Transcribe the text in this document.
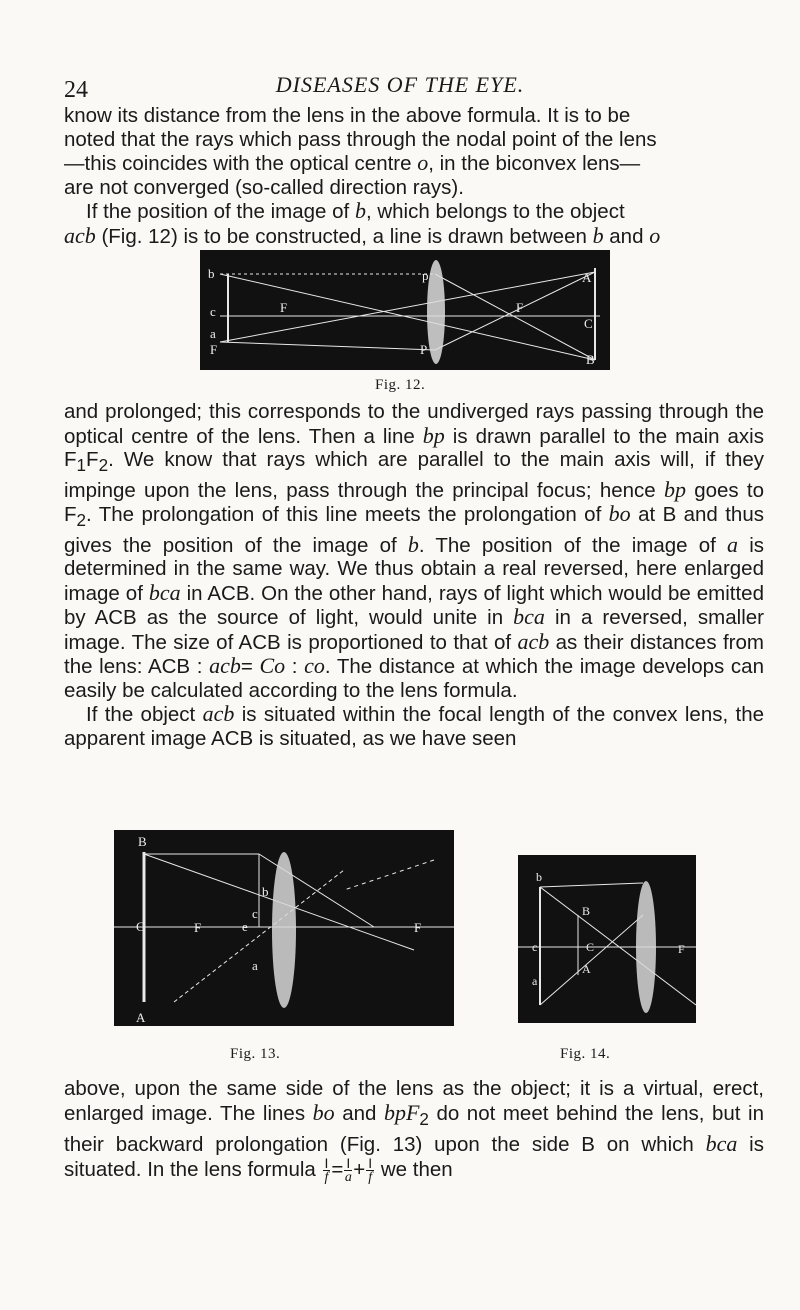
24	DISEASES OF THE EYE.

know its distance from the lens in the above formula. It is to be

noted that the rays which pass through the nodal point of the lens

—this coincides with the optical centre o, in the biconvex lens—

are not converged (so-called direction rays).

If the position of the image of b, which belongs to the object

acb (Fig. 12) is to be constructed, a line is drawn between b and o

b
c
a
F
F
p
P
F
A
C
B
Fig. 12.

and prolonged; this corresponds to the undiverged rays passing through the optical centre of the lens. Then a line bp is drawn parallel to the main axis $F_1F_2$. We know that rays which are parallel to the main axis will, if they impinge upon the lens, pass through the principal focus; hence bp goes to $F_2$. The prolongation of this line meets the prolongation of bo at B and thus gives the position of the image of b. The position of the image of a is determined in the same way. We thus obtain a real reversed, here enlarged image of bca in ACB. On the other hand, rays of light which would be emitted by ACB as the source of light, would unite in bca in a reversed, smaller image. The size of ACB is proportioned to that of acb as their distances from the lens: ACB : acb= Co : co. The distance at which the image develops can easily be calculated according to the lens formula.

If the object acb is situated within the focal length of the convex lens, the apparent image ACB is situated, as we have seen

B
C	F
b
e
c
a
F
A
Fig. 13.
b
B
c	C
A
a
F
Fig. 14.

above, upon the same side of the lens as the object; it is a virtual, erect, enlarged image. The lines bo and bpF$_2$ do not meet behind the lens, but in their backward prolongation (Fig. 13) upon the side B on which bca is situated. In the lens formula $\frac{I}{f} = \frac{I}{a} + \frac{I}{f}$ we then
